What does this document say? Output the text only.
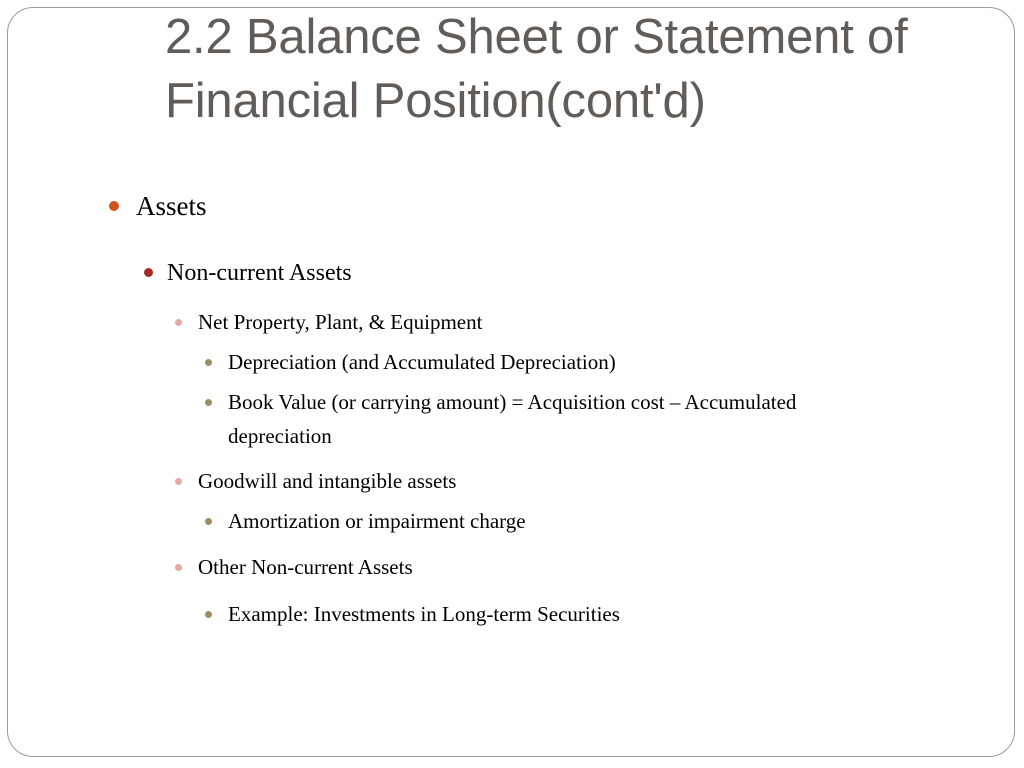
2.2 Balance Sheet or Statement of
Financial Position(cont'd)
Assets
Non-current Assets
Net Property, Plant, & Equipment
Depreciation (and Accumulated Depreciation)
Book Value (or carrying amount) = Acquisition cost – Accumulated
depreciation
Goodwill and intangible assets
Amortization or impairment charge
Other Non-current Assets
Example: Investments in Long-term Securities
